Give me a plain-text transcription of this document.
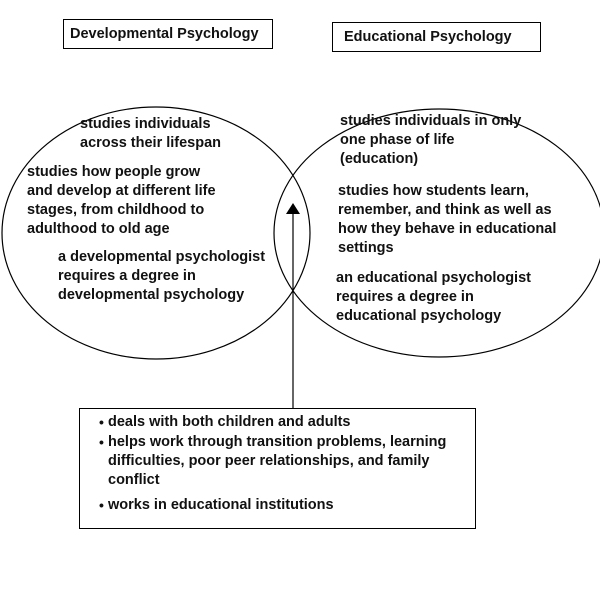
Developmental Psychology	Educational Psychology
studies individuals
across their lifespan
studies how people grow
and develop at different life
stages, from childhood to
adulthood to old age
a developmental psychologist
requires a degree in
developmental psychology
studies individuals in only
one phase of life
(education)
studies how students learn,
remember, and think as well as
how they behave in educational
settings
an educational psychologist
requires a degree in
educational psychology
• deals with both children and adults
• helps work through transition problems, learning
difficulties, poor peer relationships, and family
conflict
• works in educational institutions
